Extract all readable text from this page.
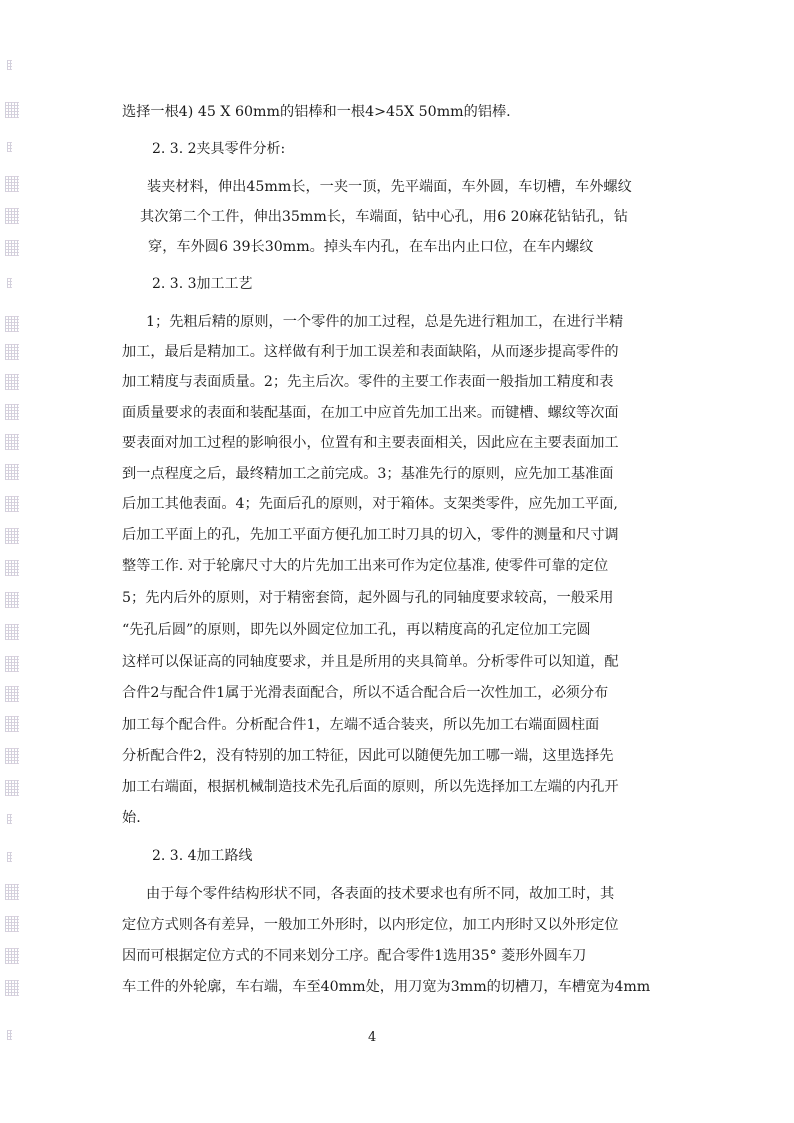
选择一根4) 45 X 60mm的铝棒和一根4>45X 50mm的铝棒.
2. 3. 2夹具零件分析:
装夹材料，伸出45mm长，一夹一顶，先平端面，车外圆，车切槽，车外螺纹
其次第二个工件，伸出35mm长，车端面，钻中心孔，用6 20麻花钻钻孔，钻
穿，车外圆6 39长30mm。掉头车内孔，在车出内止口位，在车内螺纹
2. 3. 3加工工艺
1；先粗后精的原则，一个零件的加工过程，总是先进行粗加工，在进行半精
加工，最后是精加工。这样做有利于加工误差和表面缺陷，从而逐步提高零件的
加工精度与表面质量。2；先主后次。零件的主要工作表面一般指加工精度和表
面质量要求的表面和装配基面，在加工中应首先加工出来。而键槽、螺纹等次面
要表面对加工过程的影响很小，位置有和主要表面相关，因此应在主要表面加工
到一点程度之后，最终精加工之前完成。3；基准先行的原则，应先加工基准面
后加工其他表面。4；先面后孔的原则，对于箱体。支架类零件，应先加工平面,
后加工平面上的孔，先加工平面方便孔加工时刀具的切入，零件的测量和尺寸调
整等工作. 对于轮廓尺寸大的片先加工出来可作为定位基准, 使零件可靠的定位
5；先内后外的原则，对于精密套筒，起外圆与孔的同轴度要求较高，一般采用
“先孔后圆”的原则，即先以外圆定位加工孔，再以精度高的孔定位加工完圆
这样可以保证高的同轴度要求，并且是所用的夹具简单。分析零件可以知道，配
合件2与配合件1属于光滑表面配合，所以不适合配合后一次性加工，必须分布
加工每个配合件。分析配合件1，左端不适合装夹，所以先加工右端面圆柱面
分析配合件2，没有特别的加工特征，因此可以随便先加工哪一端，这里选择先
加工右端面，根据机械制造技术先孔后面的原则，所以先选择加工左端的内孔开
始.
2. 3. 4加工路线
由于每个零件结构形状不同，各表面的技术要求也有所不同，故加工时，其
定位方式则各有差异，一般加工外形时，以内形定位，加工内形时又以外形定位
因而可根据定位方式的不同来划分工序。配合零件1选用35° 菱形外圆车刀
车工件的外轮廓，车右端，车至40mm处，用刀宽为3mm的切槽刀，车槽宽为4mm
4
